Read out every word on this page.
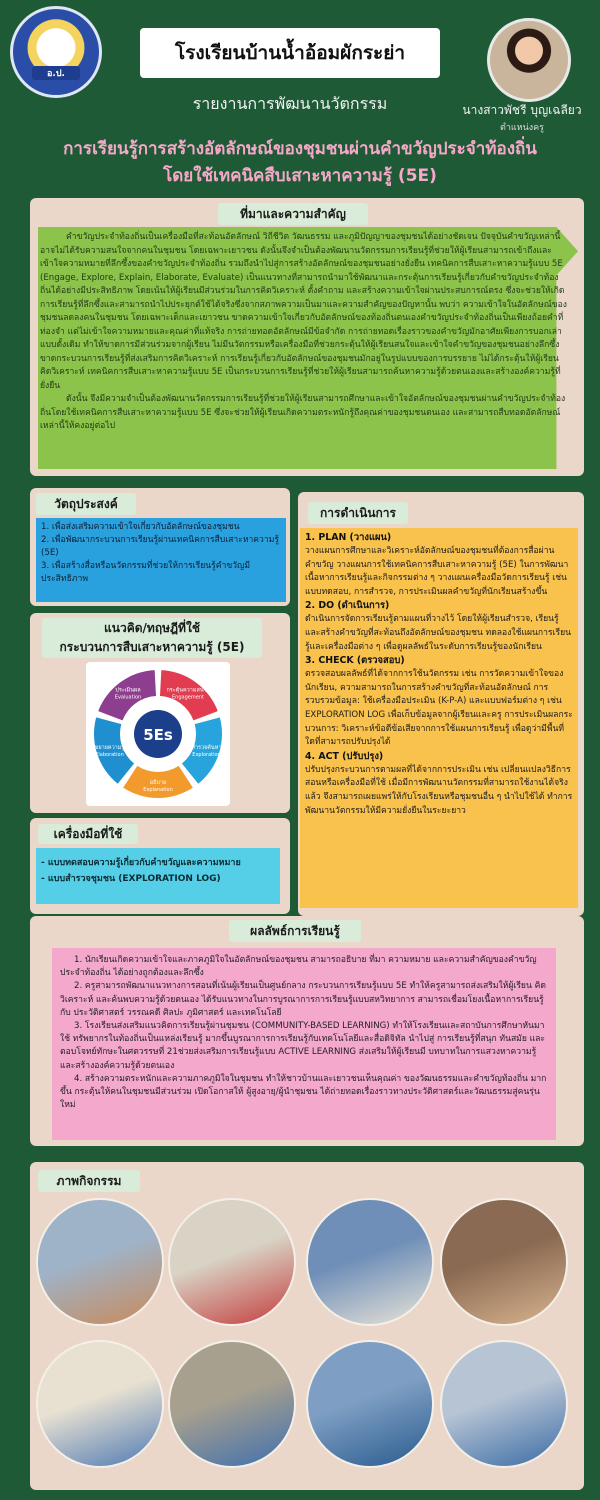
อ.ป.
โรงเรียนบ้านน้ำอ้อมผักระย่า
รายงานการพัฒนานวัตกรรม	นางสาวพัชรี บุญเฉลียว
ตำแหน่งครู
การเรียนรู้การสร้างอัตลักษณ์ของชุมชนผ่านคำขวัญประจำท้องถิ่น
โดยใช้เทคนิคสืบเสาะหาความรู้ (5E)
ที่มาและความสำคัญ

คำขวัญประจำท้องถิ่นเป็นเครื่องมือที่สะท้อนอัตลักษณ์ วิถีชีวิต วัฒนธรรม และภูมิปัญญาของชุมชนได้อย่างชัดเจน ปัจจุบันคำขวัญเหล่านี้อาจไม่ได้รับความสนใจจากคนในชุมชน โดยเฉพาะเยาวชน ดังนั้นจึงจำเป็นต้องพัฒนานวัตกรรมการเรียนรู้ที่ช่วยให้ผู้เรียนสามารถเข้าถึงและเข้าใจความหมายที่ลึกซึ้งของคำขวัญประจำท้องถิ่น รวมถึงนำไปสู่การสร้างอัตลักษณ์ของชุมชนอย่างยั่งยืน เทคนิคการสืบเสาะหาความรู้แบบ 5E (Engage, Explore, Explain, Elaborate, Evaluate) เป็นแนวทางที่สามารถนำมาใช้พัฒนาและกระตุ้นการเรียนรู้เกี่ยวกับคำขวัญประจำท้องถิ่นได้อย่างมีประสิทธิภาพ โดยเน้นให้ผู้เรียนมีส่วนร่วมในการคิดวิเคราะห์ ตั้งคำถาม และสร้างความเข้าใจผ่านประสบการณ์ตรง ซึ่งจะช่วยให้เกิดการเรียนรู้ที่ลึกซึ้งและสามารถนำไปประยุกต์ใช้ได้จริงซึ่งจากสภาพความเป็นมาและความสำคัญของปัญหานั้น พบว่า ความเข้าใจในอัตลักษณ์ของชุมชนลดลงคนในชุมชน โดยเฉพาะเด็กและเยาวชน ขาดความเข้าใจเกี่ยวกับอัตลักษณ์ของท้องถิ่นตนเองคำขวัญประจำท้องถิ่นเป็นเพียงถ้อยคำที่ท่องจำ แต่ไม่เข้าใจความหมายและคุณค่าที่แท้จริง การถ่ายทอดอัตลักษณ์มีข้อจำกัด การถ่ายทอดเรื่องราวของคำขวัญมักอาศัยเพียงการบอกเล่าแบบดั้งเดิม ทำให้ขาดการมีส่วนร่วมจากผู้เรียน ไม่มีนวัตกรรมหรือเครื่องมือที่ช่วยกระตุ้นให้ผู้เรียนสนใจและเข้าใจคำขวัญของชุมชนอย่างลึกซึ้ง ขาดกระบวนการเรียนรู้ที่ส่งเสริมการคิดวิเคราะห์ การเรียนรู้เกี่ยวกับอัตลักษณ์ของชุมชนมักอยู่ในรูปแบบของการบรรยาย ไม่ได้กระตุ้นให้ผู้เรียนคิดวิเคราะห์ เทคนิคการสืบเสาะหาความรู้แบบ 5E เป็นกระบวนการเรียนรู้ที่ช่วยให้ผู้เรียนสามารถค้นหาความรู้ด้วยตนเองและสร้างองค์ความรู้ที่ยั่งยืน

ดังนั้น จึงมีความจำเป็นต้องพัฒนานวัตกรรมการเรียนรู้ที่ช่วยให้ผู้เรียนสามารถศึกษาและเข้าใจอัตลักษณ์ของชุมชนผ่านคำขวัญประจำท้องถิ่นโดยใช้เทคนิคการสืบเสาะหาความรู้แบบ 5E ซึ่งจะช่วยให้ผู้เรียนเกิดความตระหนักรู้ถึงคุณค่าของชุมชนตนเอง และสามารถสืบทอดอัตลักษณ์เหล่านี้ให้คงอยู่ต่อไป

วัตถุประสงค์
1. เพื่อส่งเสริมความเข้าใจเกี่ยวกับอัตลักษณ์ของชุมชน
2. เพื่อพัฒนากระบวนการเรียนรู้ผ่านเทคนิคการสืบเสาะหาความรู้ (5E)
3. เพื่อสร้างสื่อหรือนวัตกรรมที่ช่วยให้การเรียนรู้คำขวัญมีประสิทธิภาพ
แนวคิด/ทฤษฎีที่ใช้
กระบวนการสืบเสาะหาความรู้ (5E)
กระตุ้นความสนใจ
Engagement
สำรวจค้นหา
Exploration
อธิบาย
Explanation
ขยายความรู้
Elaboration
ประเมินผล
Evaluation
5Es
เครื่องมือที่ใช้
- แบบทดสอบความรู้เกี่ยวกับคำขวัญและความหมาย
- แบบสำรวจชุมชน (EXPLORATION LOG)
การดำเนินการ
1. PLAN (วางแผน)
วางแผนการศึกษาและวิเคราะห์อัตลักษณ์ของชุมชนที่ต้องการสื่อผ่านคำขวัญ วางแผนการใช้เทคนิคการสืบเสาะหาความรู้ (5E) ในการพัฒนาเนื้อหาการเรียนรู้และกิจกรรมต่าง ๆ วางแผนเครื่องมือวัดการเรียนรู้ เช่น แบบทดสอบ, การสำรวจ, การประเมินผลคำขวัญที่นักเรียนสร้างขึ้น
2. DO (ดำเนินการ)
ดำเนินการจัดการเรียนรู้ตามแผนที่วางไว้ โดยให้ผู้เรียนสำรวจ, เรียนรู้ และสร้างคำขวัญที่สะท้อนถึงอัตลักษณ์ของชุมชน ทดลองใช้แผนการเรียนรู้และเครื่องมือต่าง ๆ เพื่อดูผลลัพธ์ในระดับการเรียนรู้ของนักเรียน
3. CHECK (ตรวจสอบ)
ตรวจสอบผลลัพธ์ที่ได้จากการใช้นวัตกรรม เช่น การวัดความเข้าใจของนักเรียน, ความสามารถในการสร้างคำขวัญที่สะท้อนอัตลักษณ์ การรวบรวมข้อมูล: ใช้เครื่องมือประเมิน (K-P-A) และแบบฟอร์มต่าง ๆ เช่น EXPLORATION LOG เพื่อเก็บข้อมูลจากผู้เรียนและครู การประเมินผลกระบวนการ: วิเคราะห์ข้อดีข้อเสียจากการใช้แผนการเรียนรู้ เพื่อดูว่ามีพื้นที่ใดที่สามารถปรับปรุงได้
4. ACT (ปรับปรุง)
ปรับปรุงกระบวนการตามผลที่ได้จากการประเมิน เช่น เปลี่ยนแปลงวิธีการสอนหรือเครื่องมือที่ใช้ เมื่อมีการพัฒนานวัตกรรมที่สามารถใช้งานได้จริงแล้ว จึงสามารถเผยแพร่ให้กับโรงเรียนหรือชุมชนอื่น ๆ นำไปใช้ได้ ทำการพัฒนานวัตกรรมให้มีความยั่งยืนในระยะยาว
ผลลัพธ์การเรียนรู้
1. นักเรียนเกิดความเข้าใจและภาคภูมิใจในอัตลักษณ์ของชุมชน สามารถอธิบาย ที่มา ความหมาย และความสำคัญของคำขวัญประจำท้องถิ่น ได้อย่างถูกต้องและลึกซึ้ง
2. ครูสามารถพัฒนาแนวทางการสอนที่เน้นผู้เรียนเป็นศูนย์กลาง กระบวนการเรียนรู้แบบ 5E ทำให้ครูสามารถส่งเสริมให้ผู้เรียน คิด วิเคราะห์ และค้นพบความรู้ด้วยตนเอง ได้รับแนวทางในการบูรณาการการเรียนรู้แบบสหวิทยาการ สามารถเชื่อมโยงเนื้อหาการเรียนรู้กับ ประวัติศาสตร์ วรรณคดี ศิลปะ ภูมิศาสตร์ และเทคโนโลยี
3. โรงเรียนส่งเสริมแนวคิดการเรียนรู้ผ่านชุมชน (COMMUNITY-BASED LEARNING) ทำให้โรงเรียนและสถาบันการศึกษาหันมาใช้ ทรัพยากรในท้องถิ่นเป็นแหล่งเรียนรู้ มากขึ้นบูรณาการการเรียนรู้กับเทคโนโลยีและสื่อดิจิทัล นำไปสู่ การเรียนรู้ที่สนุก ทันสมัย และตอบโจทย์ทักษะในศตวรรษที่ 21ช่วยส่งเสริมการเรียนรู้แบบ ACTIVE LEARNING ส่งเสริมให้ผู้เรียนมี บทบาทในการแสวงหาความรู้และสร้างองค์ความรู้ด้วยตนเอง
4. สร้างความตระหนักและความภาคภูมิใจในชุมชน ทำให้ชาวบ้านและเยาวชนเห็นคุณค่า ของวัฒนธรรมและคำขวัญท้องถิ่น มากขึ้น กระตุ้นให้คนในชุมชนมีส่วนร่วม เปิดโอกาสให้ ผู้สูงอายุ/ผู้นำชุมชน ได้ถ่ายทอดเรื่องราวทางประวัติศาสตร์และวัฒนธรรมสู่คนรุ่นใหม่
ภาพกิจกรรม
